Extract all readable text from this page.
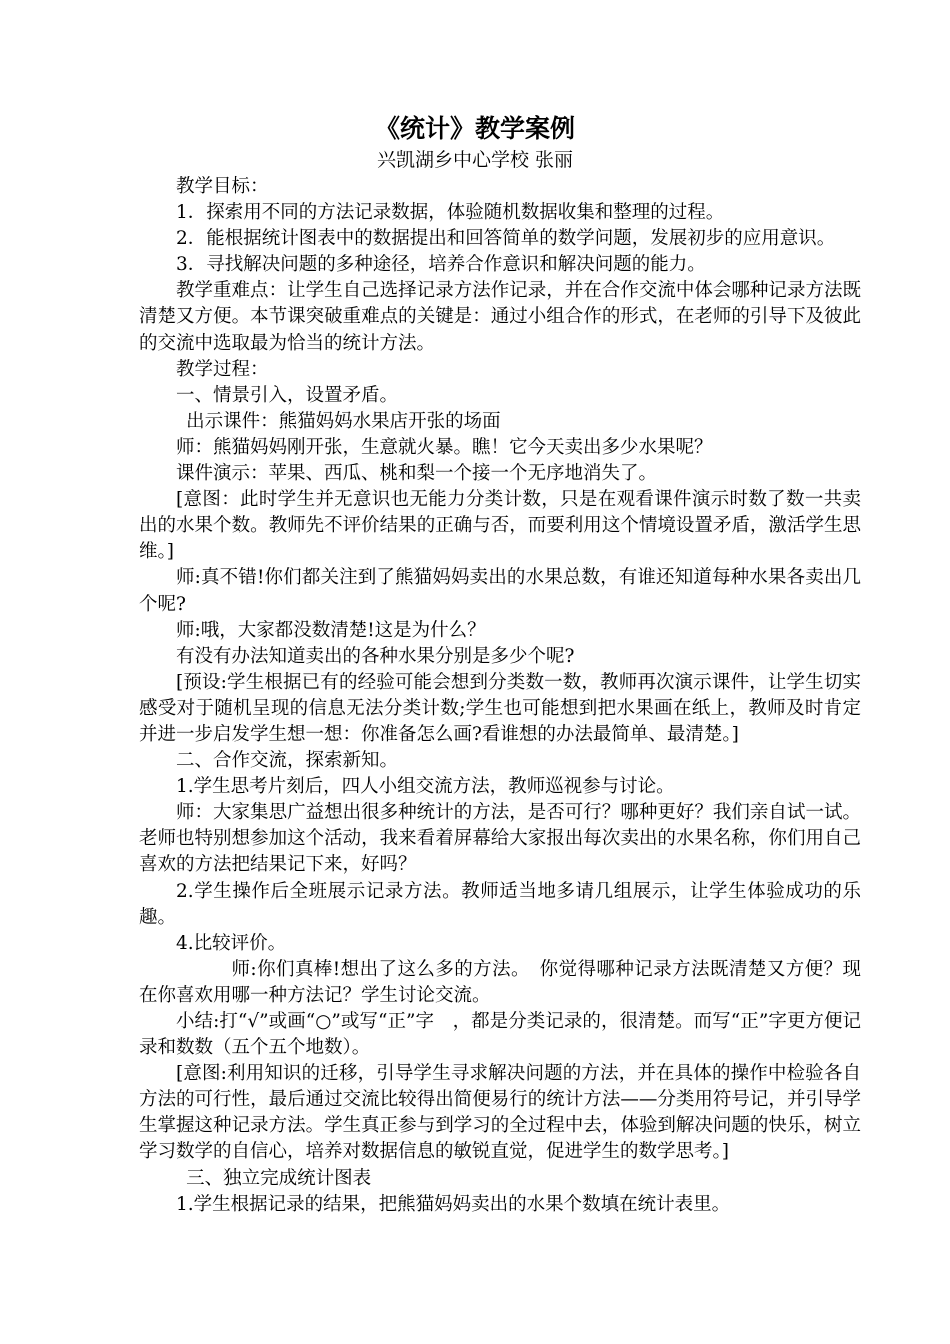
《统计》教学案例
兴凯湖乡中心学校 张丽

教学目标：

1．探索用不同的方法记录数据，体验随机数据收集和整理的过程。

2．能根据统计图表中的数据提出和回答简单的数学问题，发展初步的应用意识。

3．寻找解决问题的多种途径，培养合作意识和解决问题的能力。

教学重难点：让学生自己选择记录方法作记录，并在合作交流中体会哪种记录方法既清楚又方便。本节课突破重难点的关键是：通过小组合作的形式，在老师的引导下及彼此的交流中选取最为恰当的统计方法。

教学过程：

一、情景引入，设置矛盾。

出示课件：熊猫妈妈水果店开张的场面

师：熊猫妈妈刚开张，生意就火暴。瞧！它今天卖出多少水果呢？

课件演示：苹果、西瓜、桃和梨一个接一个无序地消失了。

[意图：此时学生并无意识也无能力分类计数，只是在观看课件演示时数了数一共卖出的水果个数。教师先不评价结果的正确与否，而要利用这个情境设置矛盾，激活学生思维。]

师:真不错!你们都关注到了熊猫妈妈卖出的水果总数，有谁还知道每种水果各卖出几个呢?

师:哦，大家都没数清楚!这是为什么？

有没有办法知道卖出的各种水果分别是多少个呢?

[预设:学生根据已有的经验可能会想到分类数一数，教师再次演示课件，让学生切实感受对于随机呈现的信息无法分类计数;学生也可能想到把水果画在纸上，教师及时肯定并进一步启发学生想一想：你准备怎么画?看谁想的办法最简单、最清楚。]

二、合作交流，探索新知。

1.学生思考片刻后，四人小组交流方法，教师巡视参与讨论。

师：大家集思广益想出很多种统计的方法，是否可行？哪种更好？我们亲自试一试。老师也特别想参加这个活动，我来看着屏幕给大家报出每次卖出的水果名称，你们用自己喜欢的方法把结果记下来，好吗？

2.学生操作后全班展示记录方法。教师适当地多请几组展示，让学生体验成功的乐趣。

4.比较评价。

师:你们真棒!想出了这么多的方法。　你觉得哪种记录方法既清楚又方便？现在你喜欢用哪一种方法记？学生讨论交流。

小结:打“√”或画“○”或写“正”字　，都是分类记录的，很清楚。而写“正”字更方便记录和数数（五个五个地数）。

[意图:利用知识的迁移，引导学生寻求解决问题的方法，并在具体的操作中检验各自方法的可行性，最后通过交流比较得出简便易行的统计方法——分类用符号记，并引导学生掌握这种记录方法。学生真正参与到学习的全过程中去，体验到解决问题的快乐，树立学习数学的自信心，培养对数据信息的敏锐直觉，促进学生的数学思考。]

三、独立完成统计图表

1.学生根据记录的结果，把熊猫妈妈卖出的水果个数填在统计表里。
